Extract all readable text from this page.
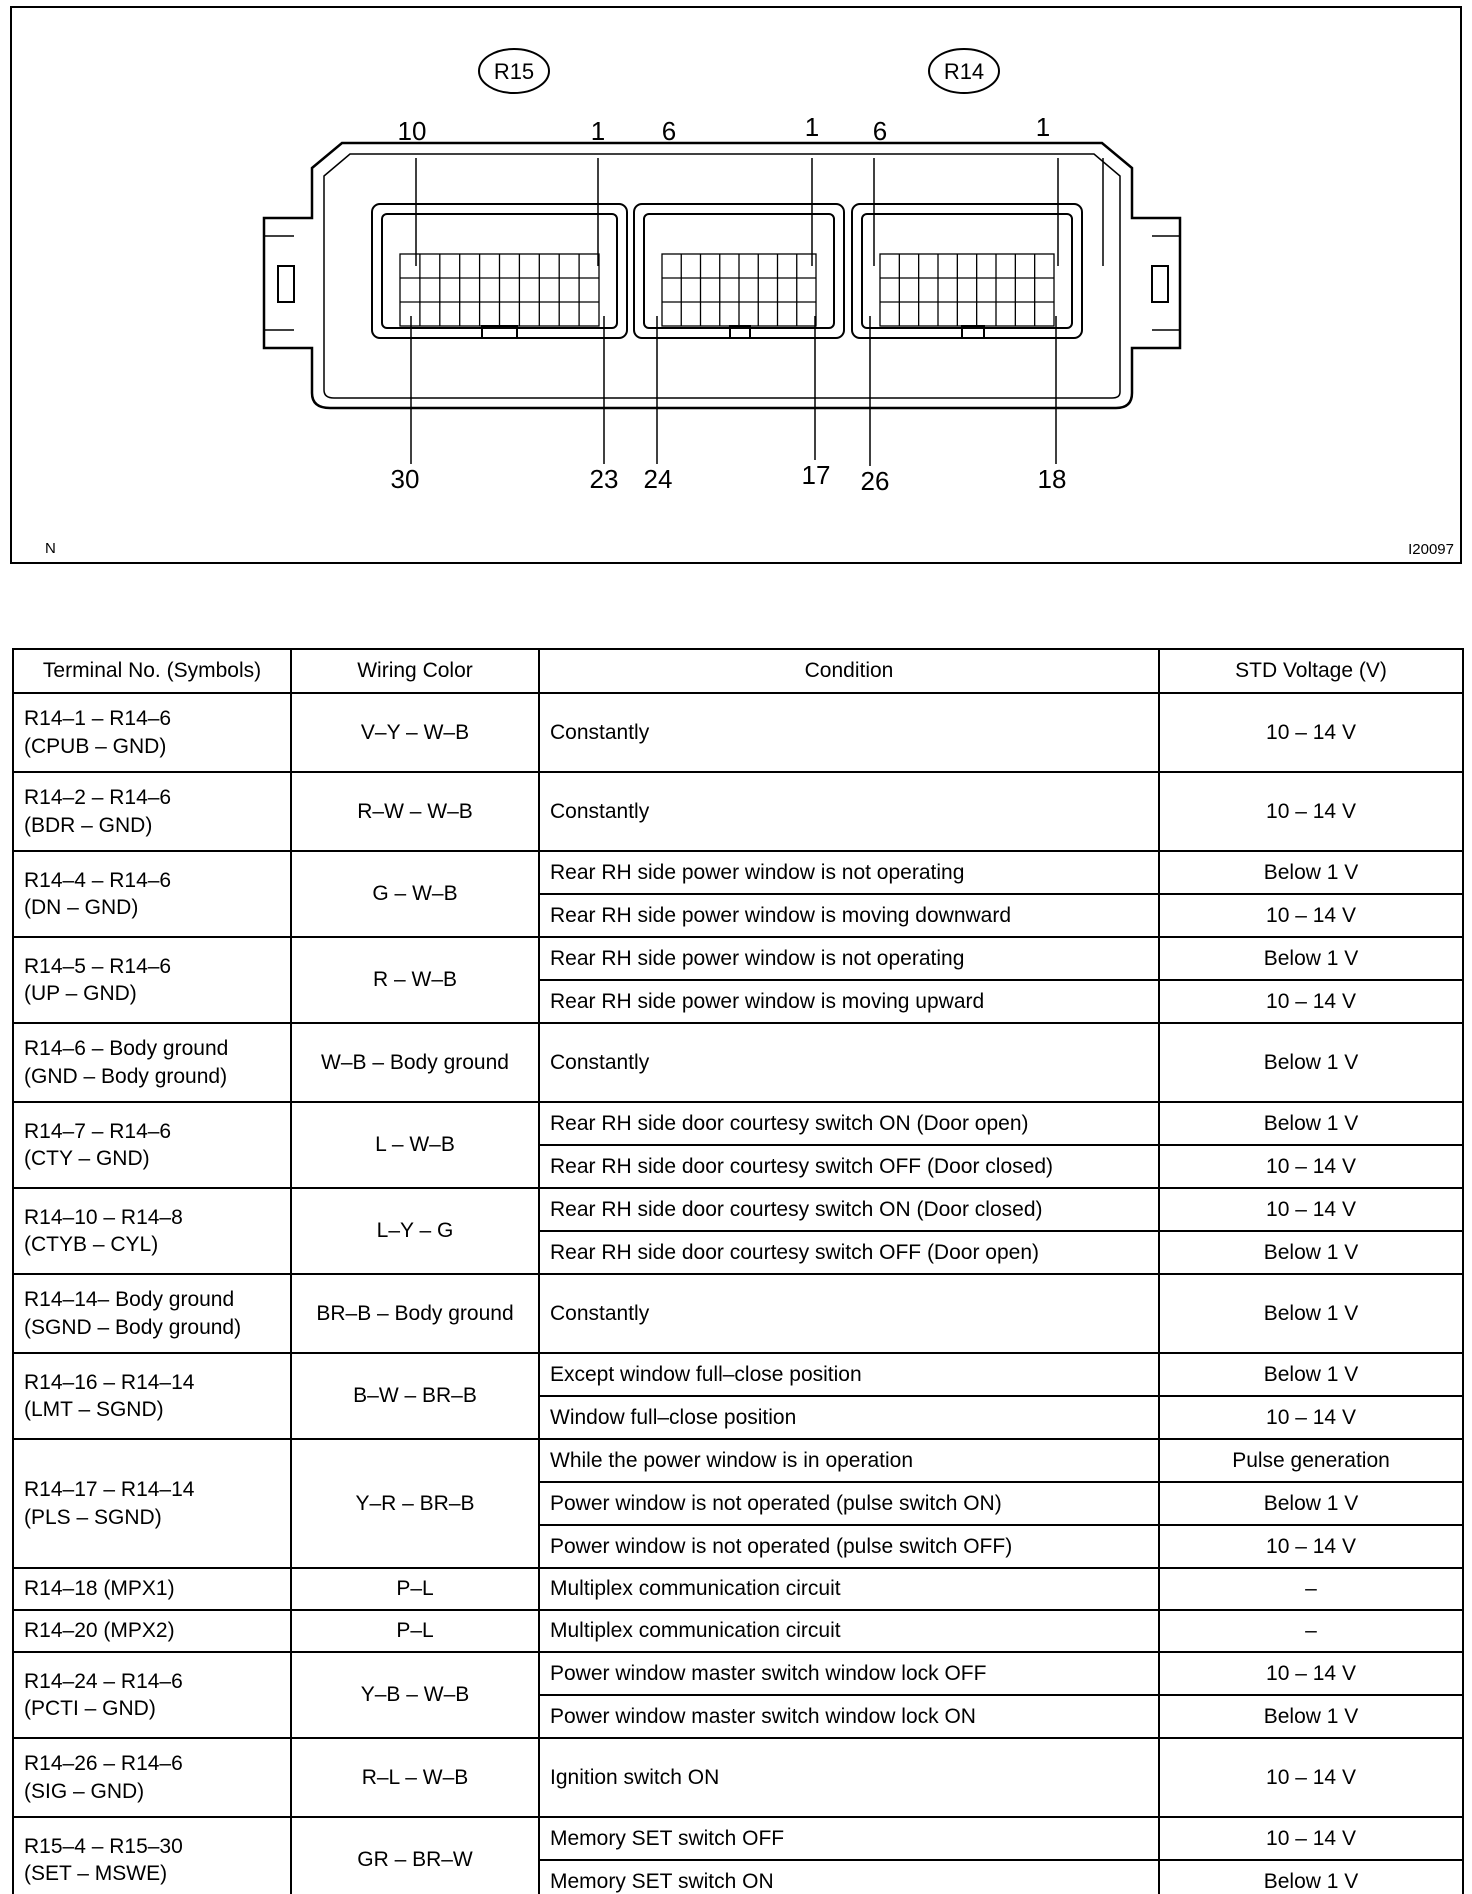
R15	R14
10	1 6	1 6	1
30	23 24	17 26	18
N	I20097
Terminal No. (Symbols)	Wiring Color	Condition	STD Voltage (V)

R14–1 – R14–6
(CPUB – GND)	V–Y – W–B	Constantly	10 – 14 V

R14–2 – R14–6
(BDR – GND)	R–W – W–B	Constantly	10 – 14 V

R14–4 – R14–6
(DN – GND)	G – W–B	Rear RH side power window is not operating	Below 1 V
		Rear RH side power window is moving downward	10 – 14 V

R14–5 – R14–6
(UP – GND)	R – W–B	Rear RH side power window is not operating	Below 1 V
		Rear RH side power window is moving upward	10 – 14 V

R14–6 – Body ground
(GND – Body ground)	W–B – Body ground	Constantly	Below 1 V

R14–7 – R14–6
(CTY – GND)	L – W–B	Rear RH side door courtesy switch ON (Door open)	Below 1 V
		Rear RH side door courtesy switch OFF (Door closed)	10 – 14 V

R14–10 – R14–8
(CTYB – CYL)	L–Y – G	Rear RH side door courtesy switch ON (Door closed)	10 – 14 V
		Rear RH side door courtesy switch OFF (Door open)	Below 1 V

R14–14– Body ground
(SGND – Body ground)	BR–B – Body ground	Constantly	Below 1 V

R14–16 – R14–14
(LMT – SGND)	B–W – BR–B	Except window full–close position	Below 1 V
		Window full–close position	10 – 14 V

R14–17 – R14–14
(PLS – SGND)	Y–R – BR–B	While the power window is in operation	Pulse generation
		Power window is not operated (pulse switch ON)	Below 1 V
		Power window is not operated (pulse switch OFF)	10 – 14 V

R14–18 (MPX1)	P–L	Multiplex communication circuit	–

R14–20 (MPX2)	P–L	Multiplex communication circuit	–

R14–24 – R14–6
(PCTI – GND)	Y–B – W–B	Power window master switch window lock OFF	10 – 14 V
		Power window master switch window lock ON	Below 1 V

R14–26 – R14–6
(SIG – GND)	R–L – W–B	Ignition switch ON	10 – 14 V

R15–4 – R15–30
(SET – MSWE)	GR – BR–W	Memory SET switch OFF	10 – 14 V
		Memory SET switch ON	Below 1 V
